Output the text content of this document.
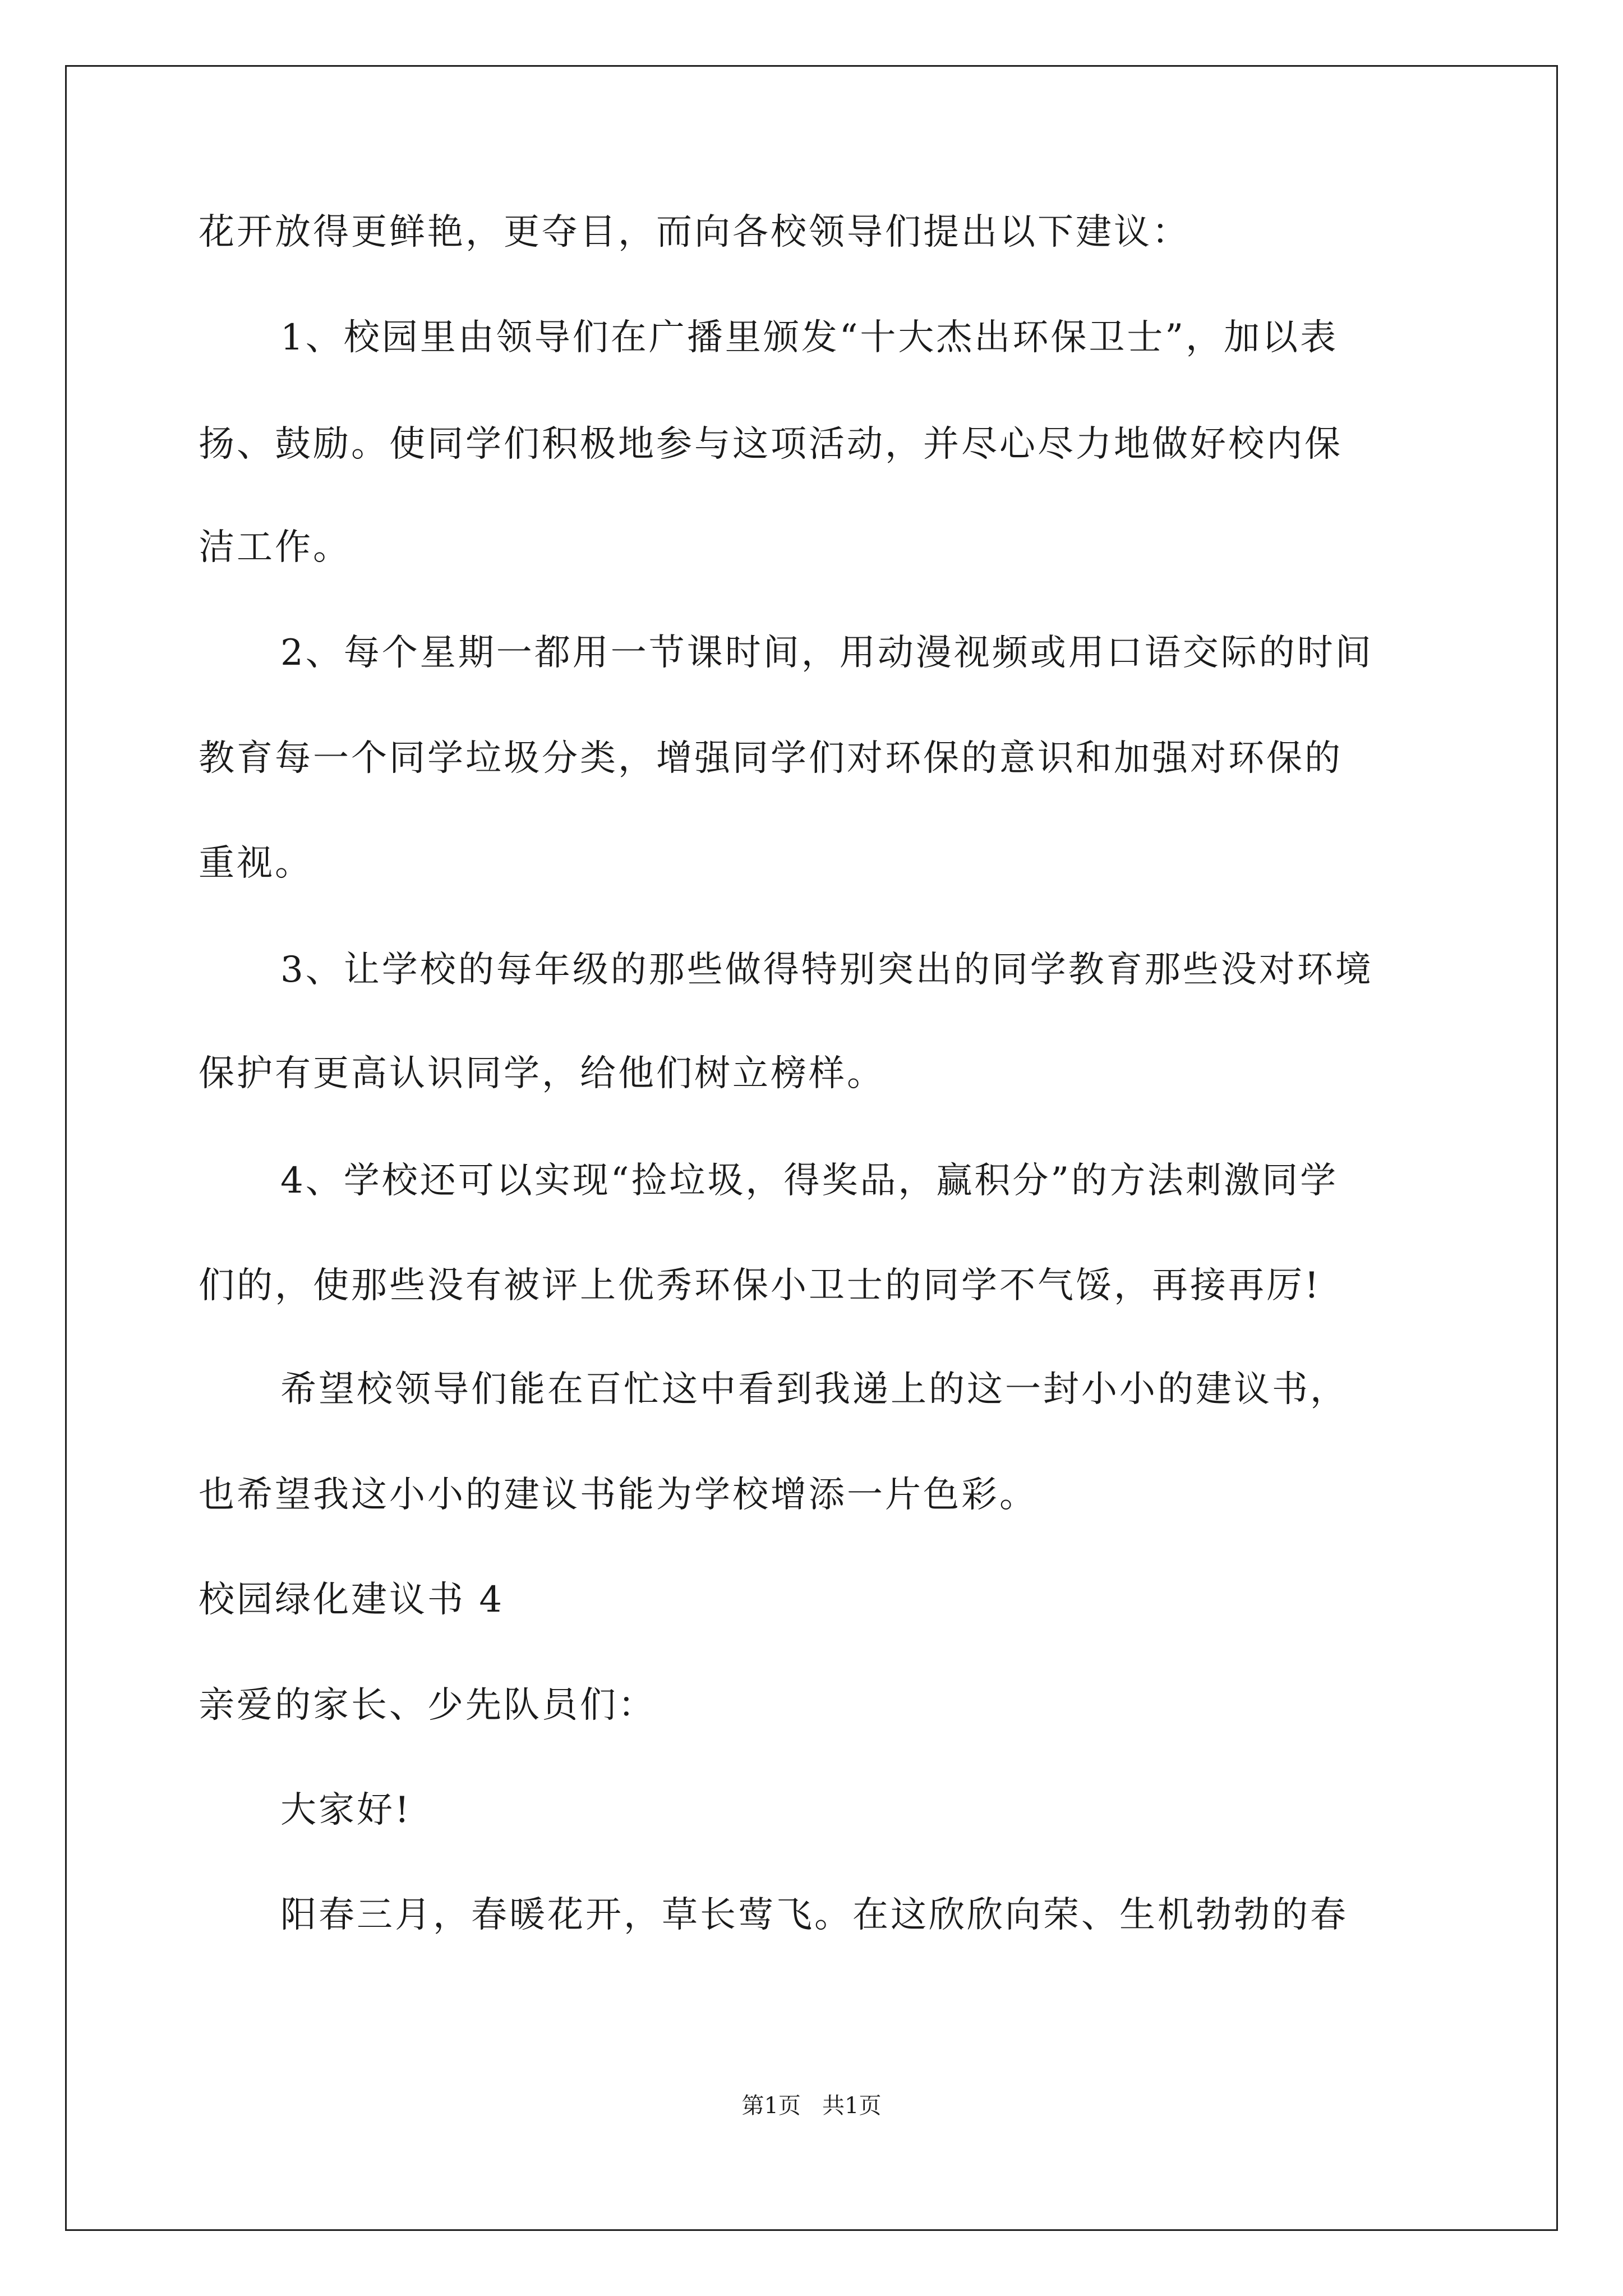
花开放得更鲜艳，更夺目，而向各校领导们提出以下建议：
1、校园里由领导们在广播里颁发“十大杰出环保卫士”，加以表
扬、鼓励。使同学们积极地参与这项活动，并尽心尽力地做好校内保
洁工作。
2、每个星期一都用一节课时间，用动漫视频或用口语交际的时间
教育每一个同学垃圾分类，增强同学们对环保的意识和加强对环保的
重视。
3、让学校的每年级的那些做得特别突出的同学教育那些没对环境
保护有更高认识同学，给他们树立榜样。
4、学校还可以实现“捡垃圾，得奖品，赢积分”的方法刺激同学
们的，使那些没有被评上优秀环保小卫士的同学不气馁，再接再厉!
希望校领导们能在百忙这中看到我递上的这一封小小的建议书，
也希望我这小小的建议书能为学校增添一片色彩。
校园绿化建议书 4
亲爱的家长、少先队员们：
大家好!
阳春三月，春暖花开，草长莺飞。在这欣欣向荣、生机勃勃的春
第1页   共1页
